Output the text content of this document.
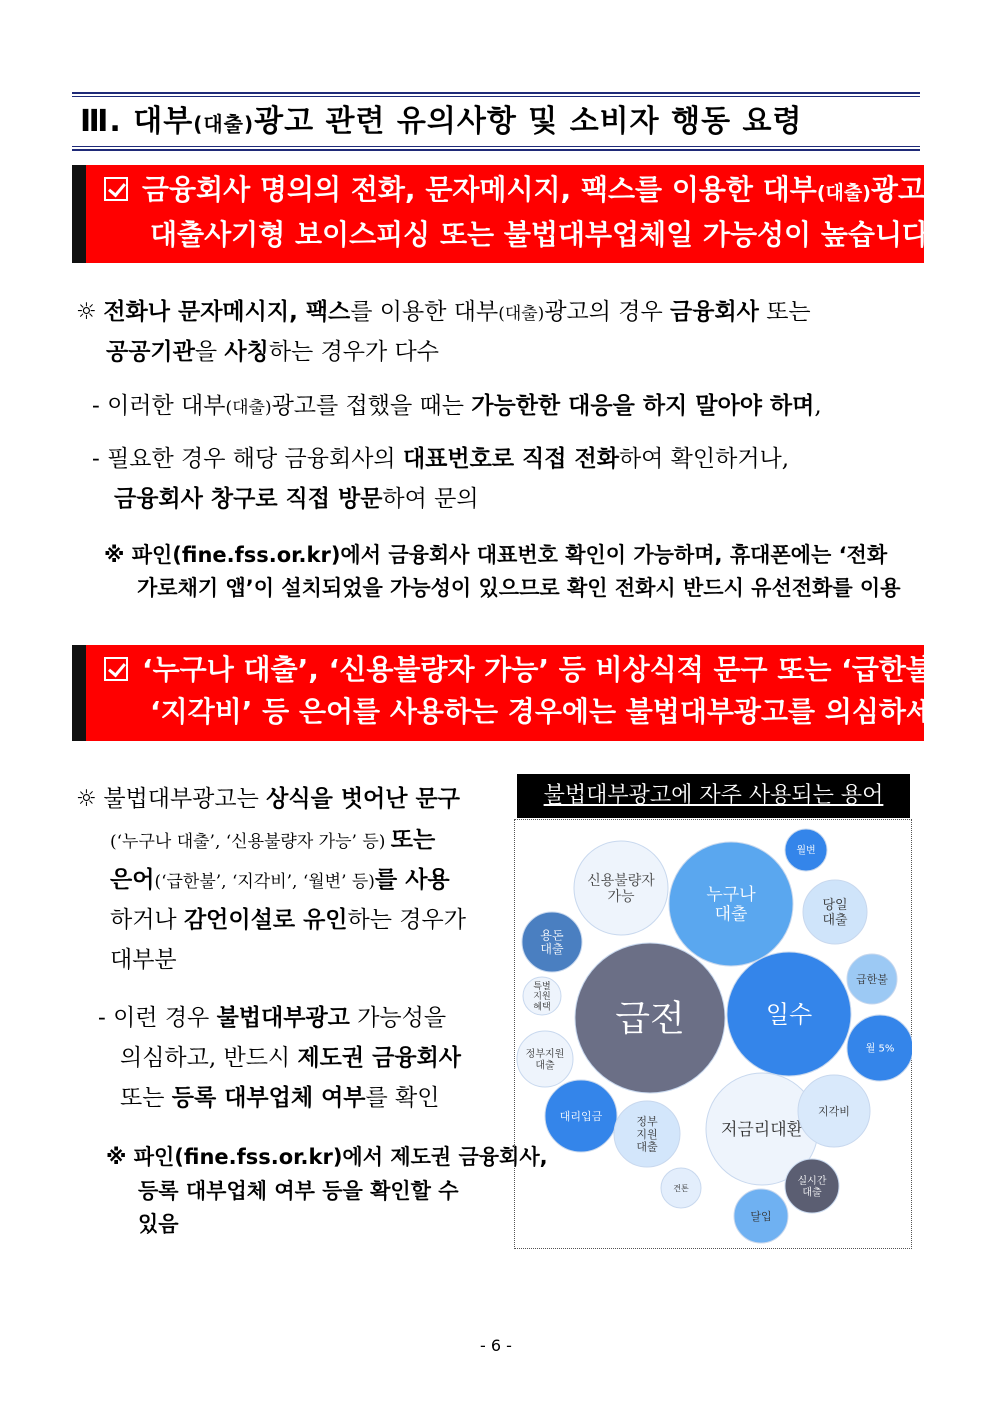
Ⅲ. 대부(대출)광고 관련 유의사항 및 소비자 행동 요령
금융회사 명의의 전화, 문자메시지, 팩스를 이용한 대부(대출)광고는
대출사기형 보이스피싱 또는 불법대부업체일 가능성이 높습니다
☼ 전화나 문자메시지, 팩스를 이용한 대부(대출)광고의 경우 금융회사 또는
공공기관을 사칭하는 경우가 다수
- 이러한 대부(대출)광고를 접했을 때는 가능한한 대응을 하지 말아야 하며,
- 필요한 경우 해당 금융회사의 대표번호로 직접 전화하여 확인하거나,
금융회사 창구로 직접 방문하여 문의
※ 파인(fine.fss.or.kr)에서 금융회사 대표번호 확인이 가능하며, 휴대폰에는 ‘전화
가로채기 앱’이 설치되었을 가능성이 있으므로 확인 전화시 반드시 유선전화를 이용
‘누구나 대출’, ‘신용불량자 가능’ 등 비상식적 문구 또는 ‘급한불’,
‘지각비’ 등 은어를 사용하는 경우에는 불법대부광고를 의심하세요
☼ 불법대부광고는 상식을 벗어난 문구
(‘누구나 대출’, ‘신용불량자 가능’ 등) 또는
은어(‘급한불’, ‘지각비’, ‘월변’ 등)를 사용
하거나 감언이설로 유인하는 경우가
대부분
- 이런 경우 불법대부광고 가능성을
의심하고, 반드시 제도권 금융회사
또는 등록 대부업체 여부를 확인
※ 파인(fine.fss.or.kr)에서 제도권 금융회사,
등록 대부업체 여부 등을 확인할 수
있음
불법대부광고에 자주 사용되는 용어
급전
누구나 대출
일수
신용불량자 가능
저금리대환
당일 대출
용돈 대출
월변
급한불
월 5%
지각비
실시간 대출
대리입금	정부 지원 대출
정부지원 대출
특별 지원 혜택
견톤
달입
- 6 -
